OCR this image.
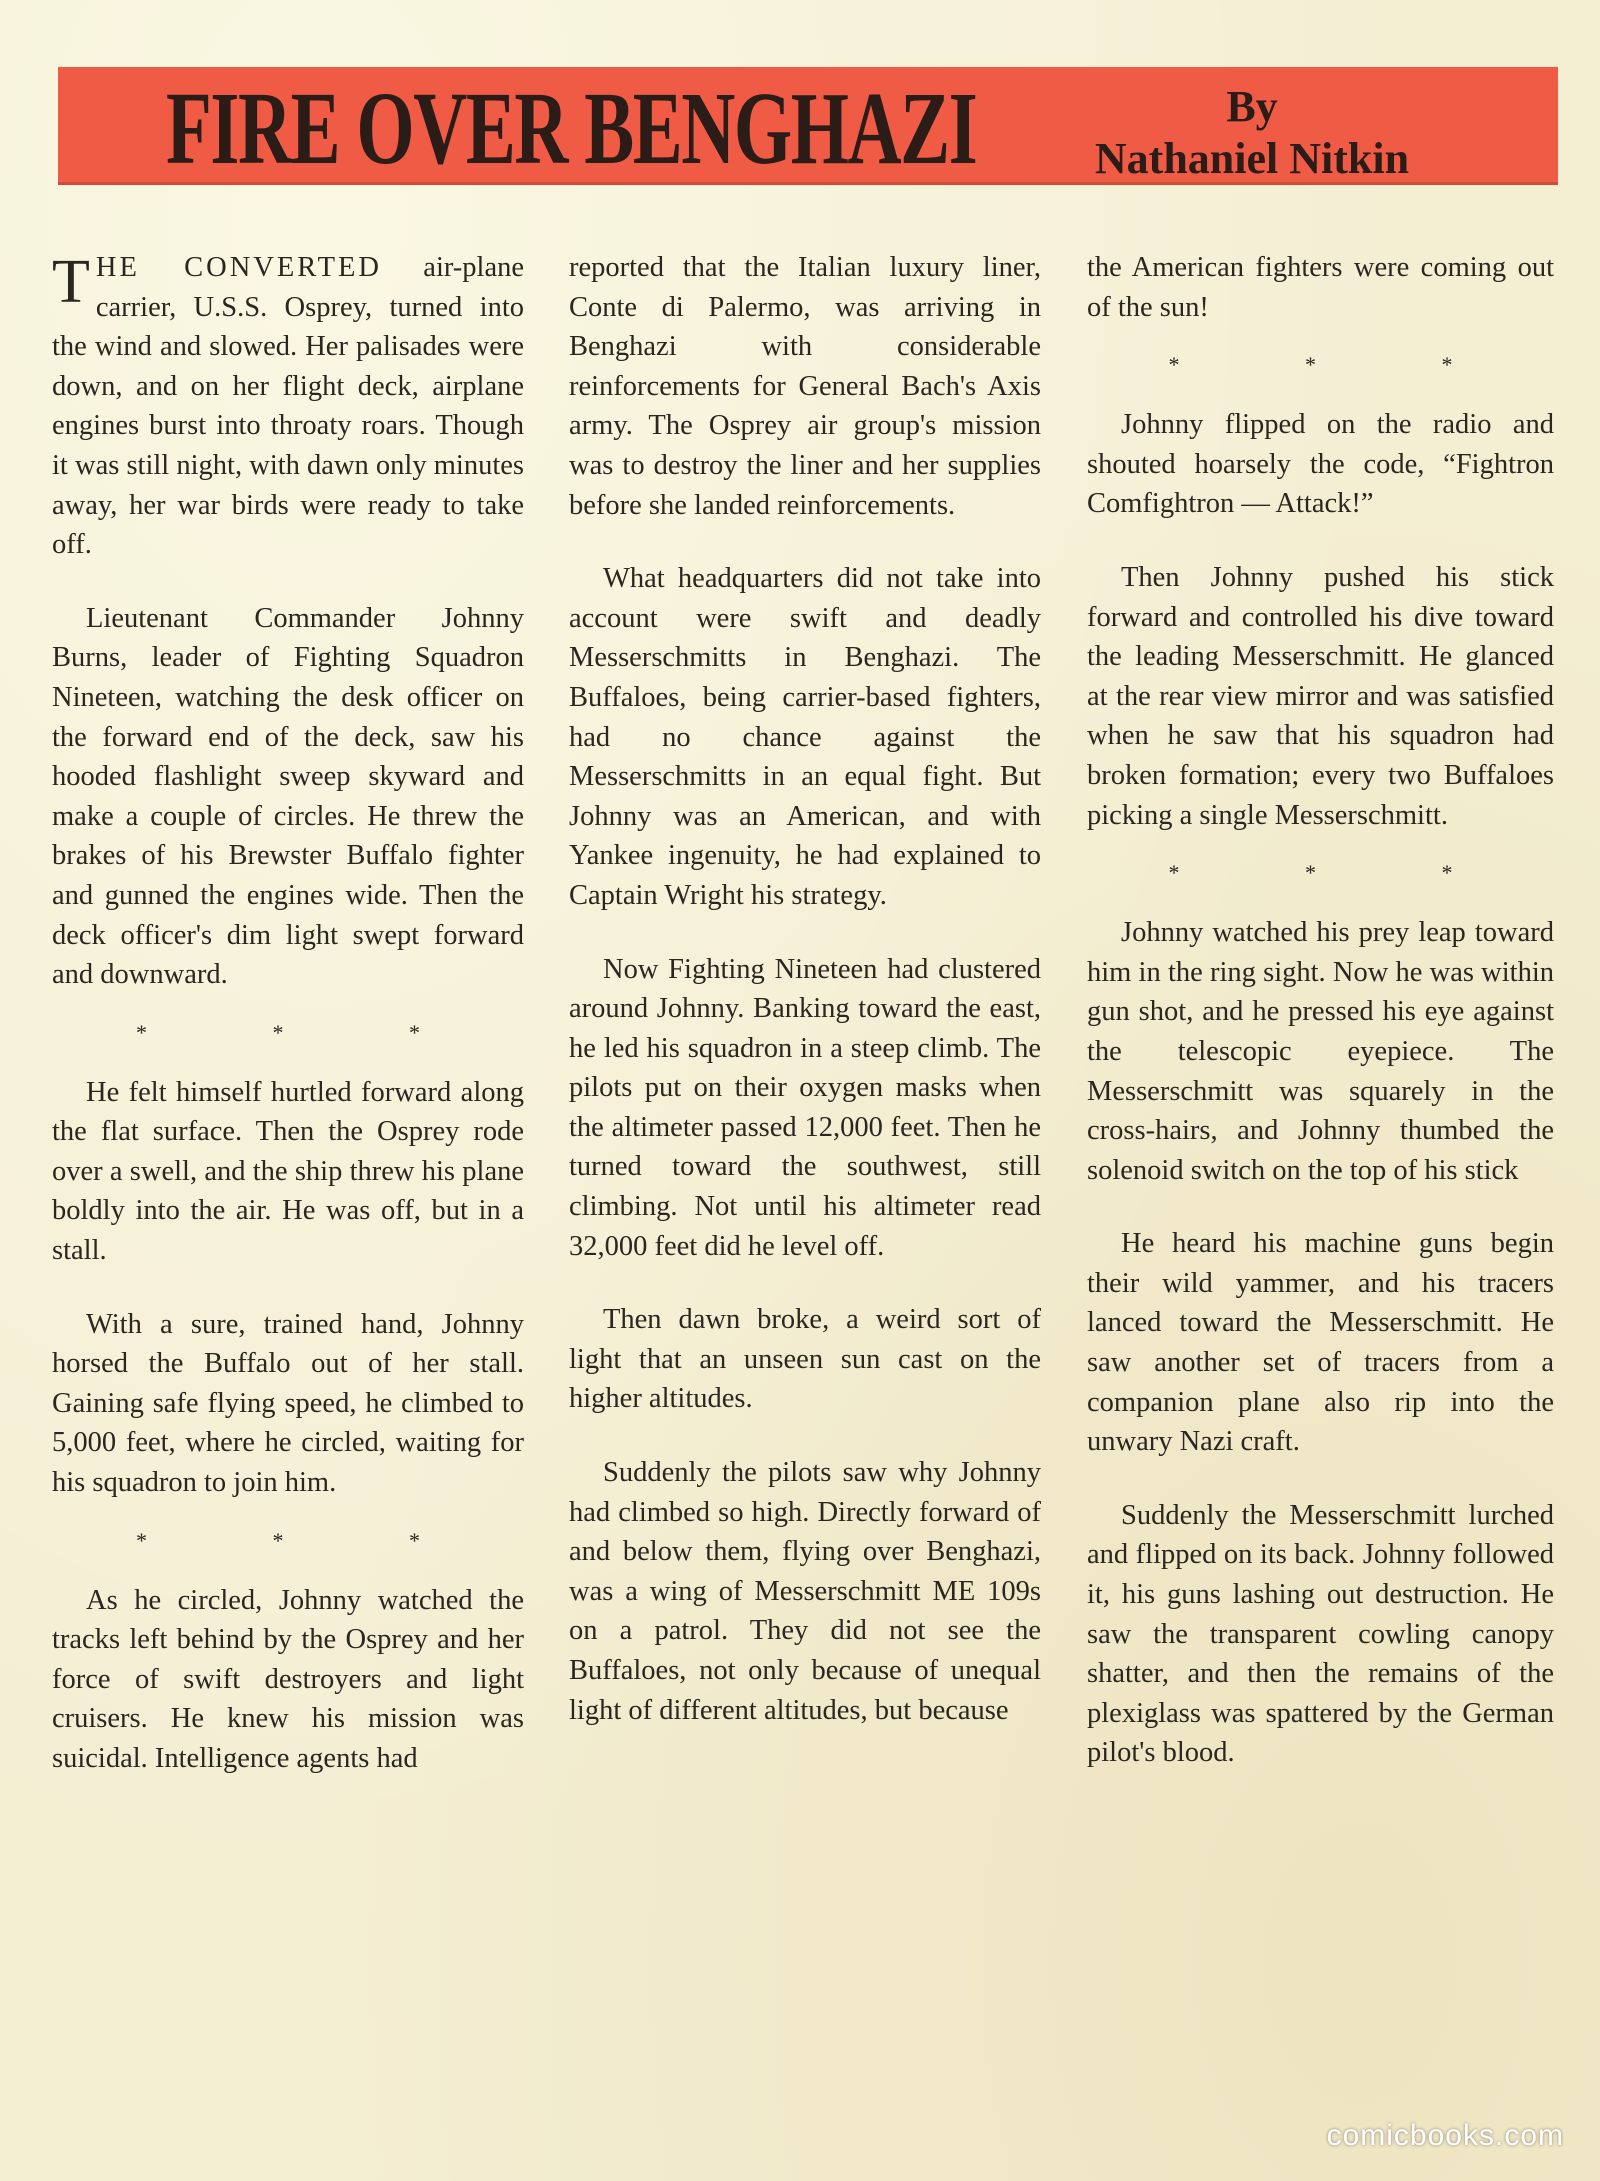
FIRE OVER BENGHAZI	By
Nathaniel Nitkin

THE CONVERTED air-plane carrier, U.S.S. Osprey, turned into the wind and slowed. Her palisades were down, and on her flight deck, airplane engines burst into throaty roars. Though it was still night, with dawn only minutes away, her war birds were ready to take off.

Lieutenant Commander Johnny Burns, leader of Fighting Squadron Nineteen, watching the desk officer on the forward end of the deck, saw his hooded flashlight sweep skyward and make a couple of circles. He threw the brakes of his Brewster Buffalo fighter and gunned the engines wide. Then the deck officer's dim light swept forward and downward.

* * *

He felt himself hurtled forward along the flat surface. Then the Osprey rode over a swell, and the ship threw his plane boldly into the air. He was off, but in a stall.

With a sure, trained hand, Johnny horsed the Buffalo out of her stall. Gaining safe flying speed, he climbed to 5,000 feet, where he circled, waiting for his squadron to join him.

* * *

As he circled, Johnny watched the tracks left behind by the Osprey and her force of swift destroyers and light cruisers. He knew his mission was suicidal. Intelligence agents had

reported that the Italian luxury liner, Conte di Palermo, was arriving in Benghazi with considerable reinforcements for General Bach's Axis army. The Osprey air group's mission was to destroy the liner and her supplies before she landed reinforcements.

What headquarters did not take into account were swift and deadly Messerschmitts in Benghazi. The Buffaloes, being carrier-based fighters, had no chance against the Messerschmitts in an equal fight. But Johnny was an American, and with Yankee ingenuity, he had explained to Captain Wright his strategy.

Now Fighting Nineteen had clustered around Johnny. Banking toward the east, he led his squadron in a steep climb. The pilots put on their oxygen masks when the altimeter passed 12,000 feet. Then he turned toward the southwest, still climbing. Not until his altimeter read 32,000 feet did he level off.

Then dawn broke, a weird sort of light that an unseen sun cast on the higher altitudes.

Suddenly the pilots saw why Johnny had climbed so high. Directly forward of and below them, flying over Benghazi, was a wing of Messerschmitt ME 109s on a patrol. They did not see the Buffaloes, not only because of unequal light of different altitudes, but because

the American fighters were coming out of the sun!

* * *

Johnny flipped on the radio and shouted hoarsely the code, “Fightron Comfightron — Attack!”

Then Johnny pushed his stick forward and controlled his dive toward the leading Messerschmitt. He glanced at the rear view mirror and was satisfied when he saw that his squadron had broken formation; every two Buffaloes picking a single Messerschmitt.

* * *

Johnny watched his prey leap toward him in the ring sight. Now he was within gun shot, and he pressed his eye against the telescopic eyepiece. The Messerschmitt was squarely in the cross-hairs, and Johnny thumbed the solenoid switch on the top of his stick

He heard his machine guns begin their wild yammer, and his tracers lanced toward the Messerschmitt. He saw another set of tracers from a companion plane also rip into the unwary Nazi craft.

Suddenly the Messerschmitt lurched and flipped on its back. Johnny followed it, his guns lashing out destruction. He saw the transparent cowling canopy shatter, and then the remains of the plexiglass was spattered by the German pilot's blood.

comicbooks.com
